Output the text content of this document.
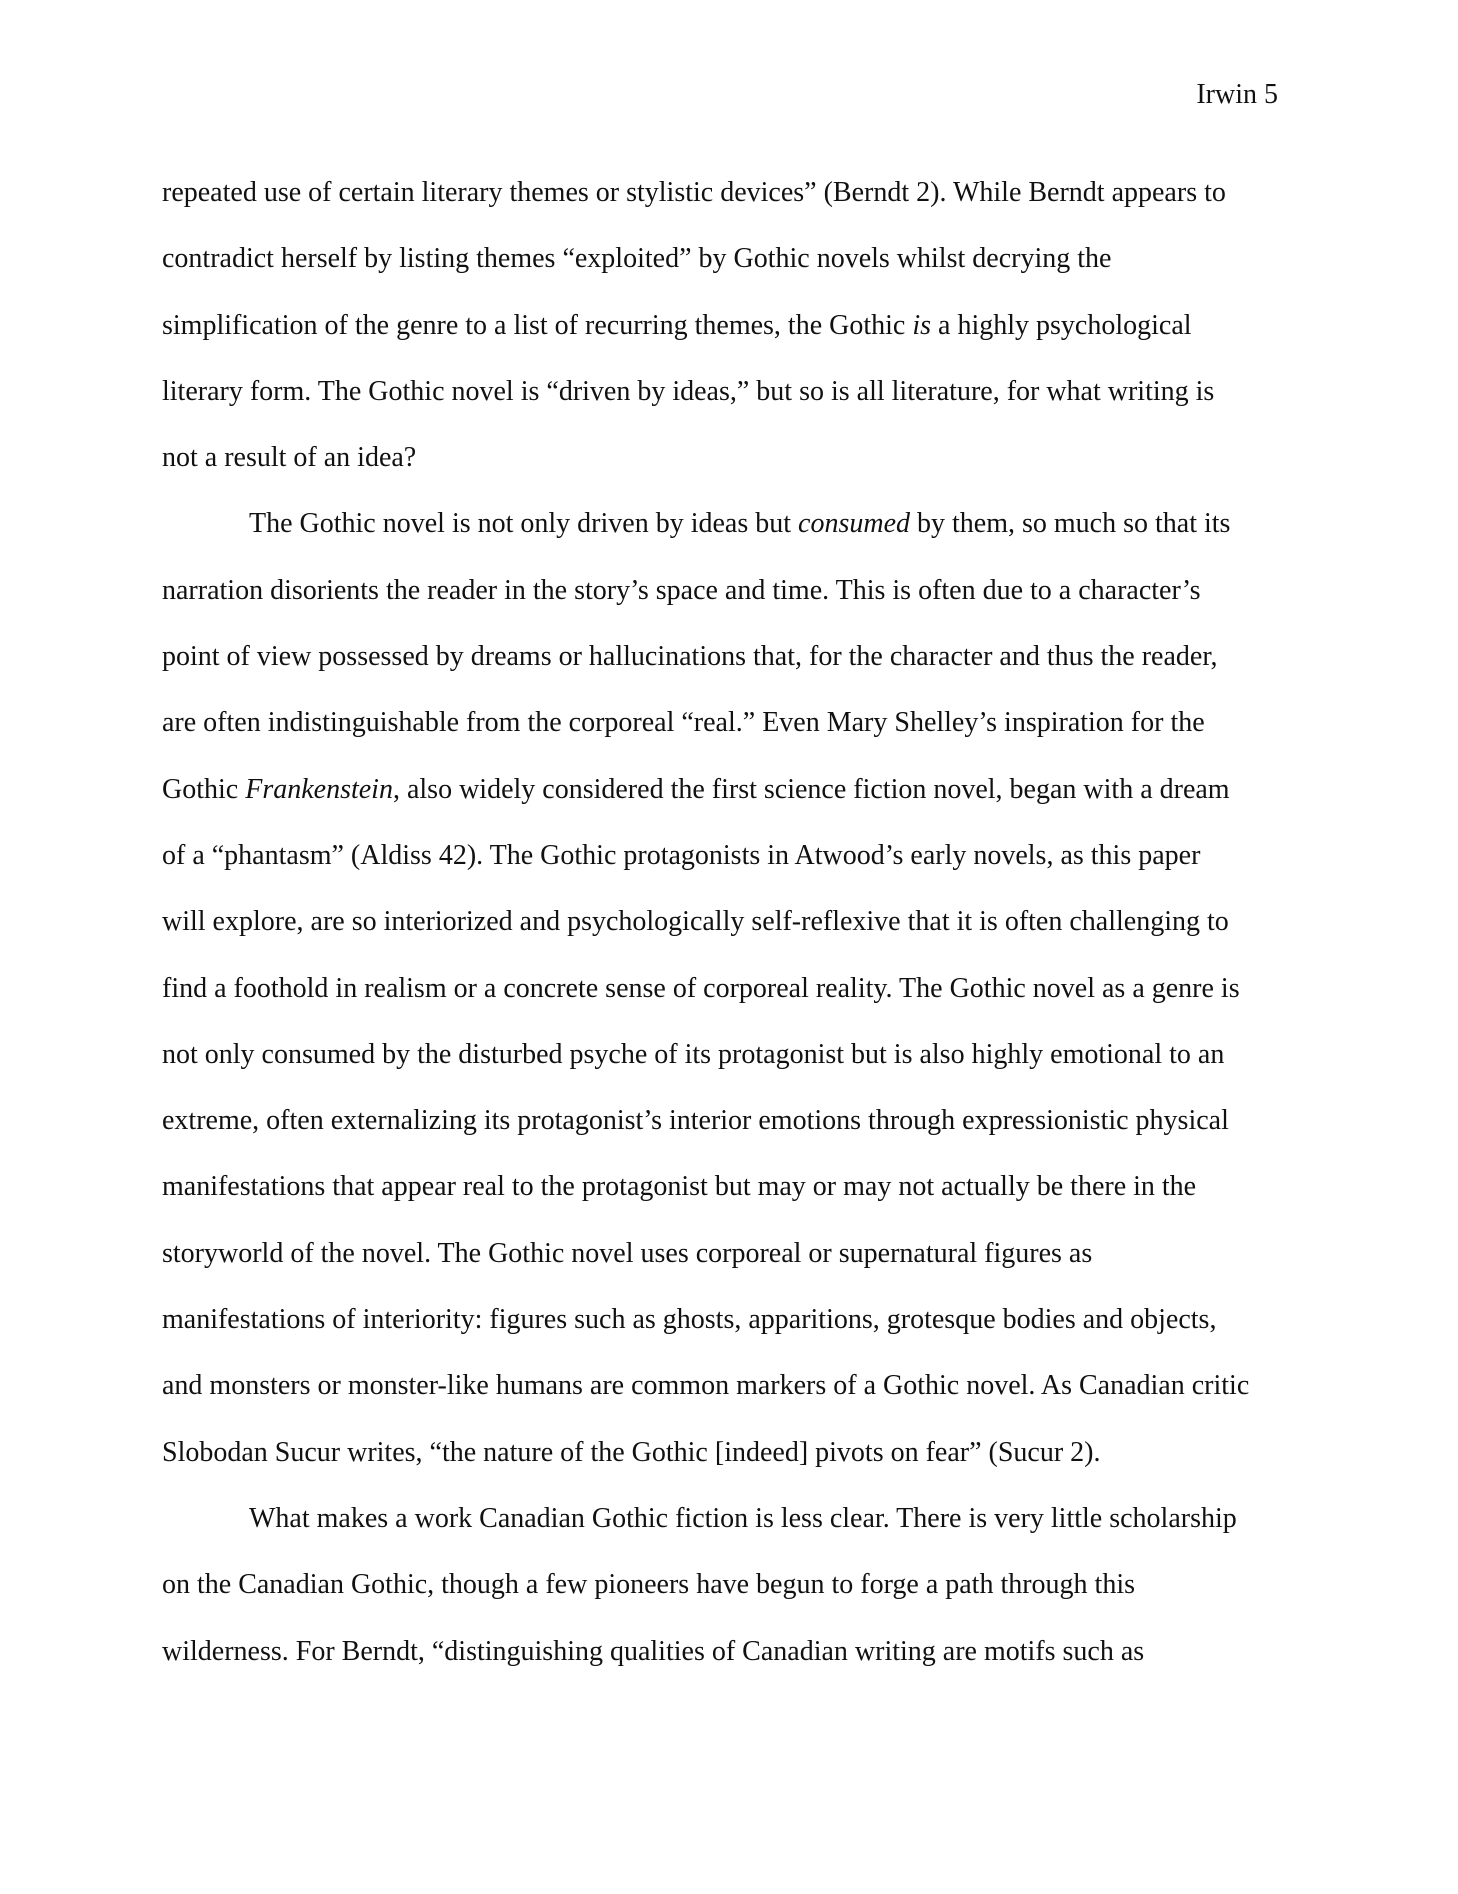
Irwin 5
repeated use of certain literary themes or stylistic devices” (Berndt 2). While Berndt appears to
contradict herself by listing themes “exploited” by Gothic novels whilst decrying the
simplification of the genre to a list of recurring themes, the Gothic is a highly psychological
literary form. The Gothic novel is “driven by ideas,” but so is all literature, for what writing is
not a result of an idea?
The Gothic novel is not only driven by ideas but consumed by them, so much so that its
narration disorients the reader in the story’s space and time. This is often due to a character’s
point of view possessed by dreams or hallucinations that, for the character and thus the reader,
are often indistinguishable from the corporeal “real.” Even Mary Shelley’s inspiration for the
Gothic Frankenstein, also widely considered the first science fiction novel, began with a dream
of a “phantasm” (Aldiss 42). The Gothic protagonists in Atwood’s early novels, as this paper
will explore, are so interiorized and psychologically self-reflexive that it is often challenging to
find a foothold in realism or a concrete sense of corporeal reality. The Gothic novel as a genre is
not only consumed by the disturbed psyche of its protagonist but is also highly emotional to an
extreme, often externalizing its protagonist’s interior emotions through expressionistic physical
manifestations that appear real to the protagonist but may or may not actually be there in the
storyworld of the novel. The Gothic novel uses corporeal or supernatural figures as
manifestations of interiority: figures such as ghosts, apparitions, grotesque bodies and objects,
and monsters or monster-like humans are common markers of a Gothic novel. As Canadian critic
Slobodan Sucur writes, “the nature of the Gothic [indeed] pivots on fear” (Sucur 2).
What makes a work Canadian Gothic fiction is less clear. There is very little scholarship
on the Canadian Gothic, though a few pioneers have begun to forge a path through this
wilderness. For Berndt, “distinguishing qualities of Canadian writing are motifs such as
